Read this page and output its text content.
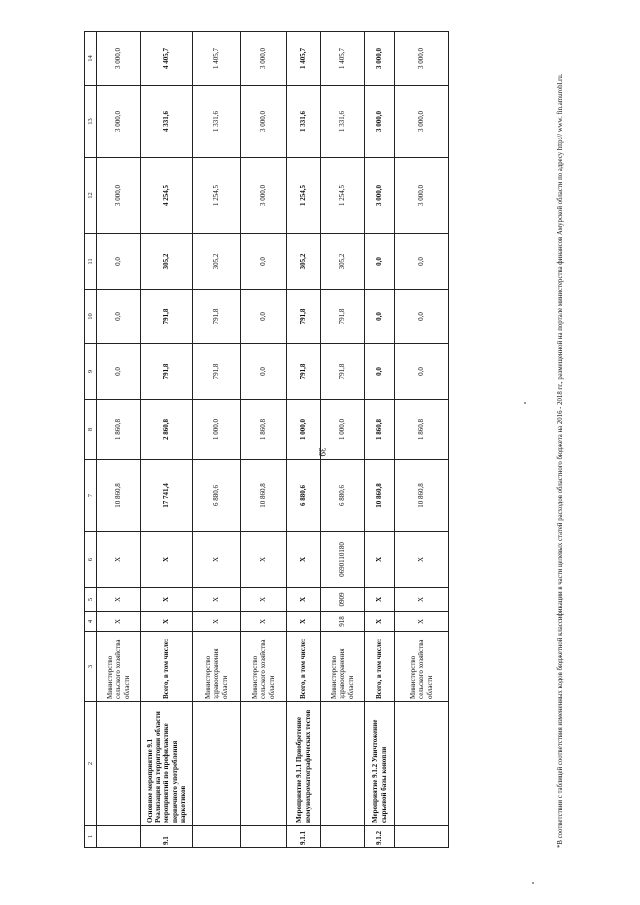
39
1	2	3	4	5	6	7	8	9	10	11	12	13	14
		Министерство сельского хозяйства области	Х	Х	Х	10 860,8	1 860,8	0,0	0,0	0,0	3 000,0	3 000,0	3 000,0
9.1	Основное мероприятие 9.1 Реализация на территории области мероприятий по профилактике первичного употребления наркотиков	Всего, в том числе:	Х	Х	Х	17 741,4	2 860,8	791,8	791,8	305,2	4 254,5	4 331,6	4 405,7
		Министерство здравоохранения области	Х	Х	Х	6 880,6	1 000,0	791,8	791,8	305,2	1 254,5	1 331,6	1 405,7
		Министерство сельского хозяйства области	Х	Х	Х	10 860,8	1 860,8	0,0	0,0	0,0	3 000,0	3 000,0	3 000,0
9.1.1	Мероприятие 9.1.1 Приобретение иммунохроматографических тестов	Всего, в том числе:	Х	Х	Х	6 880,6	1 000,0	791,8	791,8	305,2	1 254,5	1 331,6	1 405,7
		Министерство здравоохранения области	918	0909	0690110180	6 880,6	1 000,0	791,8	791,8	305,2	1 254,5	1 331,6	1 405,7
9.1.2	Мероприятие 9.1.2 Уничтожение сырьевой базы конопли	Всего, в том числе:	Х	Х	Х	10 860,8	1 860,8	0,0	0,0	0,0	3 000,0	3 000,0	3 000,0
		Министерство сельского хозяйства области	Х	Х	Х	10 860,8	1 860,8	0,0	0,0	0,0	3 000,0	3 000,0	3 000,0
*В соответствии с таблицей соответствия измененных кодов бюджетной классификации в части целевых статей расходов областного бюджета на 2016 - 2018 гг., размещенной на портале министерства финансов Амурской области по адресу http:// www. fin.amurobl.ru.
